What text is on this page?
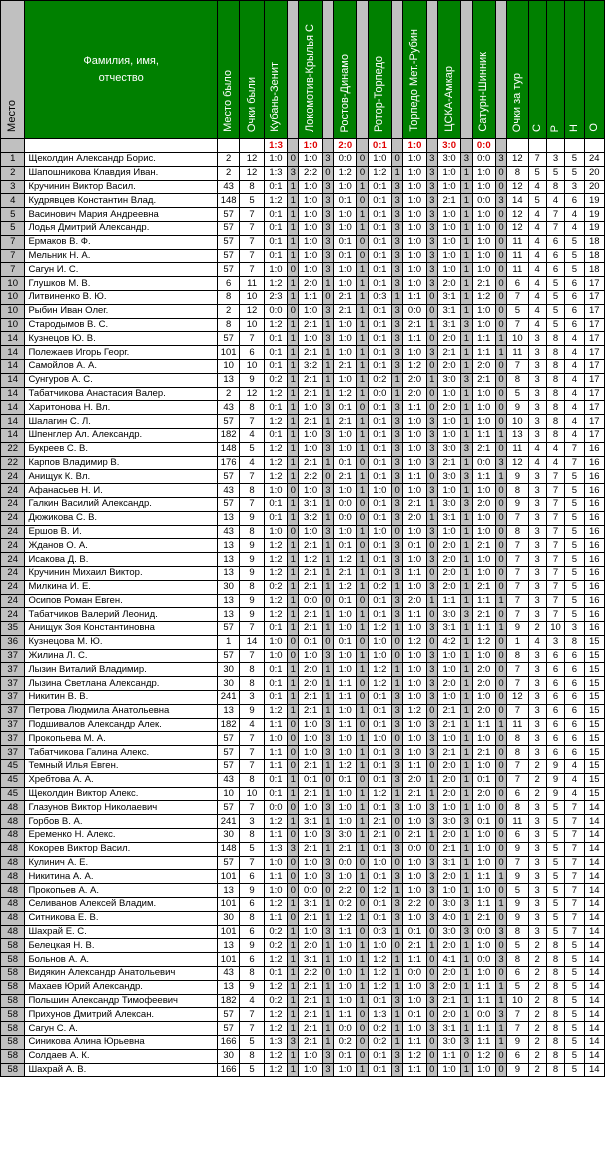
Место	Фамилия, имя,
отчество	Место было	Очки были	Кубань-Зенит		Локомотив-Крылья С		Ростов-Динамо		Ротор-Торпедо		Торпедо Мет.-Рубин		ЦСКА-Амкар		Сатурн-Шинник		Очки за тур	С	Р	Н	О
				1:3		1:0		2:0		0:1		1:0		3:0		0:0						
1	Щеколдин Александр Борис.	2	12	1:0	0	1:0	3	0:0	0	1:0	0	1:0	3	3:0	3	0:0	3	12	7	3	5	24
2	Шапошникова Клавдия Иван.	2	12	1:3	3	2:2	0	1:2	0	1:2	1	1:0	3	1:0	1	1:0	0	8	5	5	5	20
3	Кручинин Виктор Васил.	43	8	0:1	1	1:0	3	1:0	1	0:1	3	1:0	3	1:0	1	1:0	0	12	4	8	3	20
4	Кудрявцев Константин Влад.	148	5	1:2	1	1:0	3	0:1	0	0:1	3	1:0	3	2:1	1	0:0	3	14	5	4	6	19
5	Васинович Мария Андреевна	57	7	0:1	1	1:0	3	1:0	1	0:1	3	1:0	3	1:0	1	1:0	0	12	4	7	4	19
5	Лодья Дмитрий Александр.	57	7	0:1	1	1:0	3	1:0	1	0:1	3	1:0	3	1:0	1	1:0	0	12	4	7	4	19
7	Ермаков В. Ф.	57	7	0:1	1	1:0	3	0:1	0	0:1	3	1:0	3	1:0	1	1:0	0	11	4	6	5	18
7	Мельник Н. А.	57	7	0:1	1	1:0	3	0:1	0	0:1	3	1:0	3	1:0	1	1:0	0	11	4	6	5	18
7	Сагун И. С.	57	7	1:0	0	1:0	3	1:0	1	0:1	3	1:0	3	1:0	1	1:0	0	11	4	6	5	18
10	Глушков М. В.	6	11	1:2	1	2:0	1	1:0	1	0:1	3	1:0	3	2:0	1	2:1	0	6	4	5	6	17
10	Литвиненко В. Ю.	8	10	2:3	1	1:1	0	2:1	1	0:3	1	1:1	0	3:1	1	1:2	0	7	4	5	6	17
10	Рыбин Иван Олег.	2	12	0:0	0	1:0	3	2:1	1	0:1	3	0:0	0	3:1	1	1:0	0	5	4	5	6	17
10	Стародымов В. С.	8	10	1:2	1	2:1	1	1:0	1	0:1	3	2:1	1	3:1	3	1:0	0	7	4	5	6	17
14	Кузнецов Ю. В.	57	7	0:1	1	1:0	3	1:0	1	0:1	3	1:1	0	2:0	1	1:1	1	10	3	8	4	17
14	Полежаев Игорь Георг.	101	6	0:1	1	2:1	1	1:0	1	0:1	3	1:0	3	2:1	1	1:1	1	11	3	8	4	17
14	Самойлов А. А.	10	10	0:1	1	3:2	1	2:1	1	0:1	3	1:2	0	2:0	1	2:0	0	7	3	8	4	17
14	Сунгуров А. С.	13	9	0:2	1	2:1	1	1:0	1	0:2	1	2:0	1	3:0	3	2:1	0	8	3	8	4	17
14	Табатчикова Анастасия Валер.	2	12	1:2	1	2:1	1	1:2	1	0:0	1	2:0	0	1:0	1	1:0	0	5	3	8	4	17
14	Харитонова Н. Вл.	43	8	0:1	1	1:0	3	0:1	0	0:1	3	1:1	0	2:0	1	1:0	0	9	3	8	4	17
14	Шалагин С. Л.	57	7	1:2	1	2:1	1	2:1	1	0:1	3	1:0	3	1:0	1	1:0	0	10	3	8	4	17
14	Шпенглер Ал. Александр.	182	4	0:1	1	1:0	3	1:0	1	0:1	3	1:0	3	1:0	1	1:1	1	13	3	8	4	17
22	Букреев С. В.	148	5	1:2	1	1:0	3	1:0	1	0:1	3	1:0	3	3:0	3	2:1	0	11	4	4	7	16
22	Карпов Владимир В.	176	4	1:2	1	2:1	1	0:1	0	0:1	3	1:0	3	2:1	1	0:0	3	12	4	4	7	16
24	Анищук К. Вл.	57	7	1:2	1	2:2	0	2:1	1	0:1	3	1:1	0	3:0	3	1:1	1	9	3	7	5	16
24	Афанасьев Н. И.	43	8	1:0	0	1:0	3	1:0	1	1:0	0	1:0	3	1:0	1	1:0	0	8	3	7	5	16
24	Галкин Василий Александр.	57	7	0:1	1	3:1	1	0:0	0	0:1	3	2:1	1	3:0	3	2:0	0	9	3	7	5	16
24	Дюжикова С. В.	13	9	0:1	1	3:2	1	0:0	0	0:1	3	2:0	1	3:1	1	1:0	0	7	3	7	5	16
24	Ершов В. И.	43	8	1:0	0	1:0	3	1:0	1	1:0	0	1:0	3	1:0	1	1:0	0	8	3	7	5	16
24	Жданов О. А.	13	9	1:2	1	2:1	1	0:1	0	0:1	3	0:1	0	2:0	1	2:1	0	7	3	7	5	16
24	Исакова Д. В.	13	9	1:2	1	1:2	1	1:2	1	0:1	3	1:0	3	2:0	1	1:0	0	7	3	7	5	16
24	Кручинин Михаил Виктор.	13	9	1:2	1	2:1	1	2:1	1	0:1	3	1:1	0	2:0	1	1:0	0	7	3	7	5	16
24	Милкина И. Е.	30	8	0:2	1	2:1	1	1:2	1	0:2	1	1:0	3	2:0	1	2:1	0	7	3	7	5	16
24	Осипов Роман Евген.	13	9	1:2	1	0:0	0	0:1	0	0:1	3	2:0	1	1:1	1	1:1	1	7	3	7	5	16
24	Табатчиков Валерий Леонид.	13	9	1:2	1	2:1	1	1:0	1	0:1	3	1:1	0	3:0	3	2:1	0	7	3	7	5	16
35	Анищук Зоя Константиновна	57	7	0:1	1	2:1	1	1:0	1	1:2	1	1:0	3	3:1	1	1:1	1	9	2	10	3	16
36	Кузнецова М. Ю.	1	14	1:0	0	0:1	0	0:1	0	1:0	0	1:2	0	4:2	1	1:2	0	1	4	3	8	15
37	Жилина Л. С.	57	7	1:0	0	1:0	3	1:0	1	1:0	0	1:0	3	1:0	1	1:0	0	8	3	6	6	15
37	Лызин Виталий Владимир.	30	8	0:1	1	2:0	1	1:0	1	1:2	1	1:0	3	1:0	1	2:0	0	7	3	6	6	15
37	Лызина Светлана Александр.	30	8	0:1	1	2:0	1	1:1	0	1:2	1	1:0	3	2:0	1	2:0	0	7	3	6	6	15
37	Никитин В. В.	241	3	0:1	1	2:1	1	1:1	0	0:1	3	1:0	3	1:0	1	1:0	0	12	3	6	6	15
37	Петрова Людмила Анатольевна	13	9	1:2	1	2:1	1	1:0	1	0:1	3	1:2	0	2:1	1	2:0	0	7	3	6	6	15
37	Подшивалов Александр Алек.	182	4	1:1	0	1:0	3	1:1	0	0:1	3	1:0	3	2:1	1	1:1	1	11	3	6	6	15
37	Прокопьева М. А.	57	7	1:0	0	1:0	3	1:0	1	1:0	0	1:0	3	1:0	1	1:0	0	8	3	6	6	15
37	Табатчикова Галина Алекс.	57	7	1:1	0	1:0	3	1:0	1	0:1	3	1:0	3	2:1	1	2:1	0	8	3	6	6	15
45	Темный Илья Евген.	57	7	1:1	0	2:1	1	1:2	1	0:1	3	1:1	0	2:0	1	1:0	0	7	2	9	4	15
45	Хребтова А. А.	43	8	0:1	1	0:1	0	0:1	0	0:1	3	2:0	1	2:0	1	0:1	0	7	2	9	4	15
45	Щеколдин Виктор Алекс.	10	10	0:1	1	2:1	1	1:0	1	1:2	1	2:1	1	2:0	1	2:0	0	6	2	9	4	15
48	Глазунов Виктор Николаевич	57	7	0:0	0	1:0	3	1:0	1	0:1	3	1:0	3	1:0	1	1:0	0	8	3	5	7	14
48	Горбов В. А.	241	3	1:2	1	3:1	1	1:0	1	2:1	0	1:0	3	3:0	3	0:1	0	11	3	5	7	14
48	Еременко Н. Алекс.	30	8	1:1	0	1:0	3	3:0	1	2:1	0	2:1	1	2:0	1	1:0	0	6	3	5	7	14
48	Кокорев Виктор Васил.	148	5	1:3	3	2:1	1	2:1	1	0:1	3	0:0	0	2:1	1	1:0	0	9	3	5	7	14
48	Кулинич А. Е.	57	7	1:0	0	1:0	3	0:0	0	1:0	0	1:0	3	3:1	1	1:0	0	7	3	5	7	14
48	Никитина А. А.	101	6	1:1	0	1:0	3	1:0	1	0:1	3	1:0	3	2:0	1	1:1	1	9	3	5	7	14
48	Прокопьев А. А.	13	9	1:0	0	0:0	0	2:2	0	1:2	1	1:0	3	1:0	1	1:0	0	5	3	5	7	14
48	Селиванов Алексей Владим.	101	6	1:2	1	3:1	1	0:2	0	0:1	3	2:2	0	3:0	3	1:1	1	9	3	5	7	14
48	Ситникова Е. В.	30	8	1:1	0	2:1	1	1:2	1	0:1	3	1:0	3	4:0	1	2:1	0	9	3	5	7	14
48	Шахрай Е. С.	101	6	0:2	1	1:0	3	1:1	0	0:3	1	0:1	0	3:0	3	0:0	3	8	3	5	7	14
58	Белецкая Н. В.	13	9	0:2	1	2:0	1	1:0	1	1:0	0	2:1	1	2:0	1	1:0	0	5	2	8	5	14
58	Больнов А. А.	101	6	1:2	1	3:1	1	1:0	1	1:2	1	1:1	0	4:1	1	0:0	3	8	2	8	5	14
58	Видякин Александр Анатольевич	43	8	0:1	1	2:2	0	1:0	1	1:2	1	0:0	0	2:0	1	1:0	0	6	2	8	5	14
58	Махаев Юрий Александр.	13	9	1:2	1	2:1	1	1:0	1	1:2	1	1:0	3	2:0	1	1:1	1	5	2	8	5	14
58	Польшин Александр Тимофеевич	182	4	0:2	1	2:1	1	1:0	1	0:1	3	1:0	3	2:1	1	1:1	1	10	2	8	5	14
58	Прихунов Дмитрий Алексан.	57	7	1:2	1	2:1	1	1:1	0	1:3	1	0:1	0	2:0	1	0:0	3	7	2	8	5	14
58	Сагун С. А.	57	7	1:2	1	2:1	1	0:0	0	0:2	1	1:0	3	3:1	1	1:1	1	7	2	8	5	14
58	Синикова Алина Юрьевна	166	5	1:3	3	2:1	1	0:2	0	0:2	1	1:1	0	3:0	3	1:1	1	9	2	8	5	14
58	Солдаев А. К.	30	8	1:2	1	1:0	3	0:1	0	0:1	3	1:2	0	1:1	0	1:2	0	6	2	8	5	14
58	Шахрай А. В.	166	5	1:2	1	1:0	3	1:0	1	0:1	3	1:1	0	1:0	1	1:0	0	9	2	8	5	14
